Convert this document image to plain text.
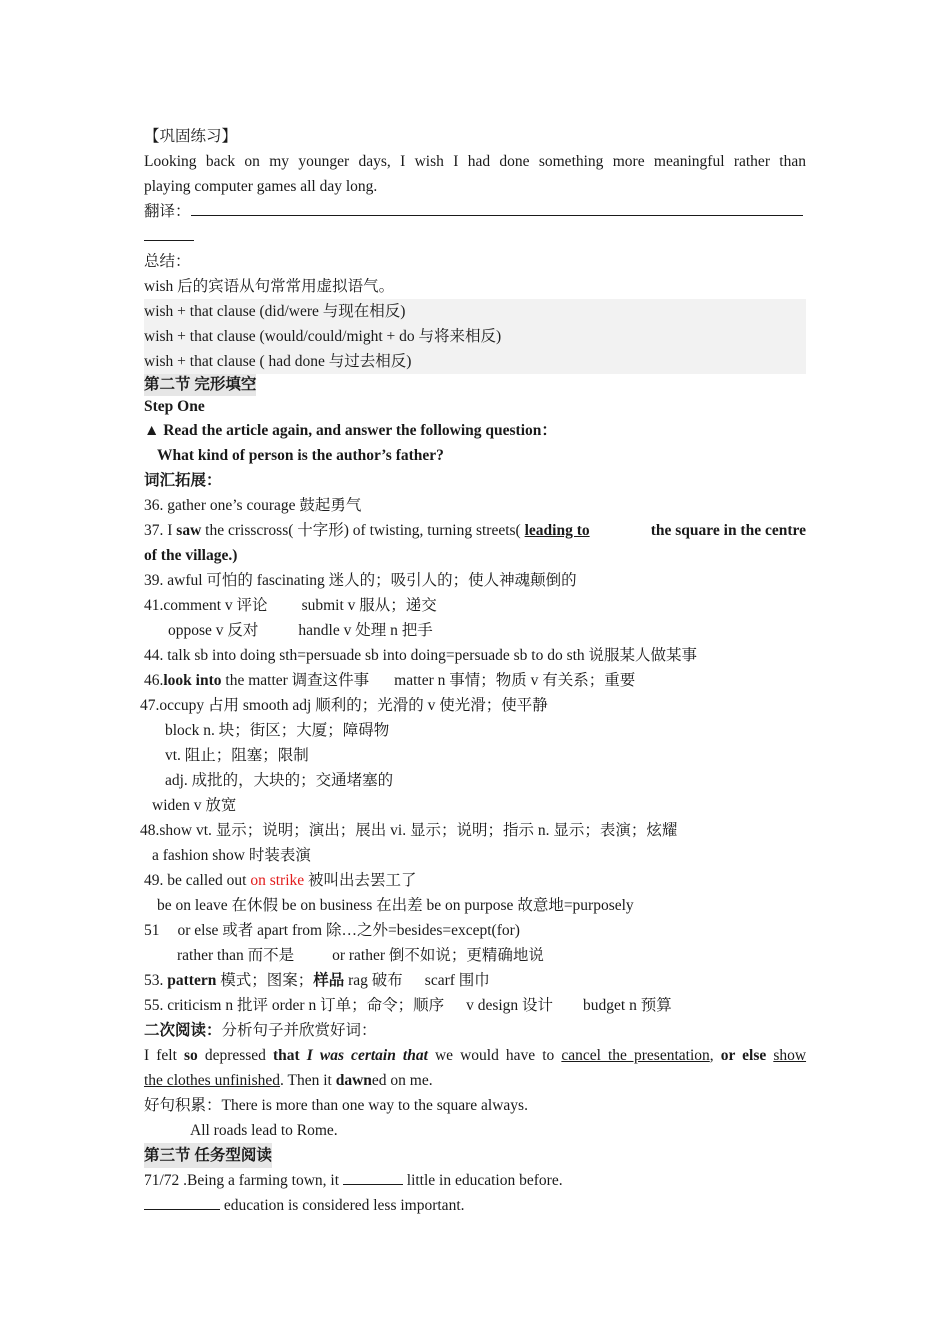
【巩固练习】
Looking back on my younger days, I wish I had done something more meaningful rather than
playing computer games all day long.
翻译：
总结：
wish 后的宾语从句常常用虚拟语气。
wish + that clause (did/were 与现在相反)
wish + that clause (would/could/might + do 与将来相反)
wish + that clause ( had done 与过去相反)
第二节 完形填空
Step One
▲ Read the article again, and answer the following question：
What kind of person is the author’s father?
词汇拓展：
36. gather one’s courage 鼓起勇气
37. I saw the crisscross( 十字形) of twisting, turning streets( leading to	the square in the centre
of the village.)
39. awful 可怕的 fascinating 迷人的；吸引人的；使人神魂颠倒的
41.comment v 评论 submit v 服从；递交
oppose v 反对	handle v 处理 n 把手
44. talk sb into doing sth=persuade sb into doing=persuade sb to do sth 说服某人做某事
46.look into the matter 调查这件事 matter n 事情；物质 v 有关系；重要
47.occupy 占用 smooth adj 顺利的；光滑的 v 使光滑；使平静
block n. 块；街区；大厦；障碍物
vt. 阻止；阻塞；限制
adj. 成批的，大块的；交通堵塞的
widen v 放宽
48.show vt. 显示；说明；演出；展出 vi. 显示；说明；指示 n. 显示；表演；炫耀
a fashion show 时装表演
49. be called out on strike 被叫出去罢工了
be on leave 在休假 be on business 在出差 be on purpose 故意地=purposely
51 or else 或者 apart from 除…之外=besides=except(for)
rather than 而不是 or rather 倒不如说；更精确地说
53. pattern 模式；图案；样品 rag 破布 scarf 围巾
55. criticism n 批评 order n 订单；命令；顺序 v design 设计 budget n 预算
二次阅读：分析句子并欣赏好词：
I felt so depressed that I was certain that we would have to cancel the presentation, or else show
the clothes unfinished. Then it dawned on me.
好句积累：There is more than one way to the square always.
All roads lead to Rome.
第三节 任务型阅读
71/72 .Being a farming town, it	little in education before.
education is considered less important.
